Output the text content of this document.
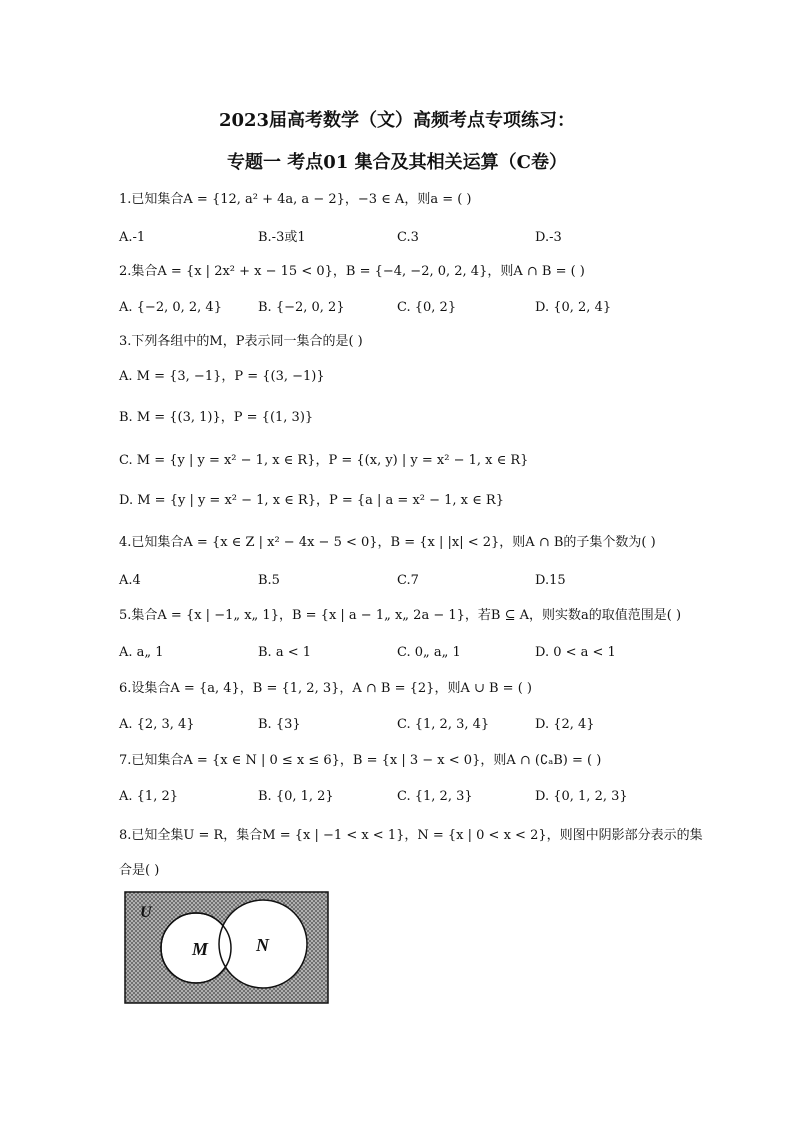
2023届高考数学（文）高频考点专项练习：
专题一 考点01 集合及其相关运算（C卷）
1.已知集合A = {12, a² + 4a, a − 2}，−3 ∈ A，则a = ( )
A.-1	B.-3或1	C.3	D.-3
2.集合A = {x | 2x² + x − 15 < 0}，B = {−4, −2, 0, 2, 4}，则A ∩ B = ( )
A. {−2, 0, 2, 4}	B. {−2, 0, 2}	C. {0, 2}	D. {0, 2, 4}
3.下列各组中的M，P表示同一集合的是( )
A. M = {3, −1}，P = {(3, −1)}
B. M = {(3, 1)}，P = {(1, 3)}
C. M = {y | y = x² − 1, x ∈ R}，P = {(x, y) | y = x² − 1, x ∈ R}
D. M = {y | y = x² − 1, x ∈ R}，P = {a | a = x² − 1, x ∈ R}
4.已知集合A = {x ∈ Z | x² − 4x − 5 < 0}，B = {x | |x| < 2}，则A ∩ B的子集个数为( )
A.4	B.5	C.7	D.15
5.集合A = {x | −1„ x„ 1}，B = {x | a − 1„ x„ 2a − 1}，若B ⊆ A，则实数a的取值范围是( )
A. a„ 1	B. a < 1	C. 0„ a„ 1	D. 0 < a < 1
6.设集合A = {a, 4}，B = {1, 2, 3}，A ∩ B = {2}，则A ∪ B = ( )
A. {2, 3, 4}	B. {3}	C. {1, 2, 3, 4}	D. {2, 4}
7.已知集合A = {x ∈ N | 0 ≤ x ≤ 6}，B = {x | 3 − x < 0}，则A ∩ (∁ₐB) = ( )
A. {1, 2}	B. {0, 1, 2}	C. {1, 2, 3}	D. {0, 1, 2, 3}
8.已知全集U = R，集合M = {x | −1 < x < 1}，N = {x | 0 < x < 2}，则图中阴影部分表示的集
合是( )
U
M	N
